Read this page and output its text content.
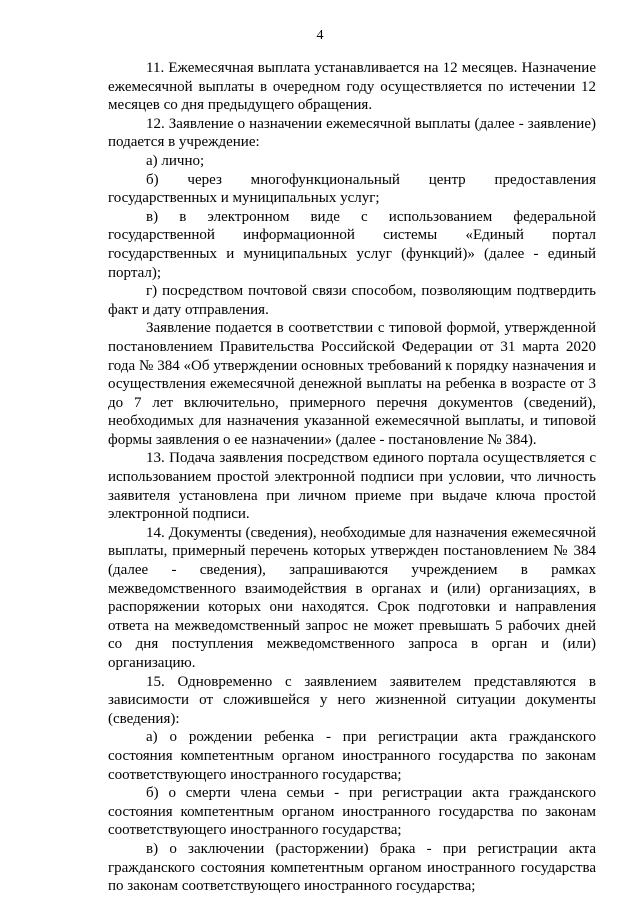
4

11. Ежемесячная выплата устанавливается на 12 месяцев. Назначение ежемесячной выплаты в очередном году осуществляется по истечении 12 месяцев со дня предыдущего обращения.

12. Заявление о назначении ежемесячной выплаты (далее - заявление) подается в учреждение:

а) лично;

б) через многофункциональный центр предоставления государственных и муниципальных услуг;

в) в электронном виде с использованием федеральной государственной информационной системы «Единый портал государственных и муниципальных услуг (функций)» (далее - единый портал);

г) посредством почтовой связи способом, позволяющим подтвердить факт и дату отправления.

Заявление подается в соответствии с типовой формой, утвержденной постановлением Правительства Российской Федерации от 31 марта 2020 года № 384 «Об утверждении основных требований к порядку назначения и осуществления ежемесячной денежной выплаты на ребенка в возрасте от 3 до 7 лет включительно, примерного перечня документов (сведений), необходимых для назначения указанной ежемесячной выплаты, и типовой формы заявления о ее назначении» (далее - постановление № 384).

13. Подача заявления посредством единого портала осуществляется с использованием простой электронной подписи при условии, что личность заявителя установлена при личном приеме при выдаче ключа простой электронной подписи.

14. Документы (сведения), необходимые для назначения ежемесячной выплаты, примерный перечень которых утвержден постановлением № 384 (далее - сведения), запрашиваются учреждением в рамках межведомственного взаимодействия в органах и (или) организациях, в распоряжении которых они находятся. Срок подготовки и направления ответа на межведомственный запрос не может превышать 5 рабочих дней со дня поступления межведомственного запроса в орган и (или) организацию.

15. Одновременно с заявлением заявителем представляются в зависимости от сложившейся у него жизненной ситуации документы (сведения):

а) о рождении ребенка - при регистрации акта гражданского состояния компетентным органом иностранного государства по законам соответствующего иностранного государства;

б) о смерти члена семьи - при регистрации акта гражданского состояния компетентным органом иностранного государства по законам соответствующего иностранного государства;

в) о заключении (расторжении) брака - при регистрации акта гражданского состояния компетентным органом иностранного государства по законам соответствующего иностранного государства;
